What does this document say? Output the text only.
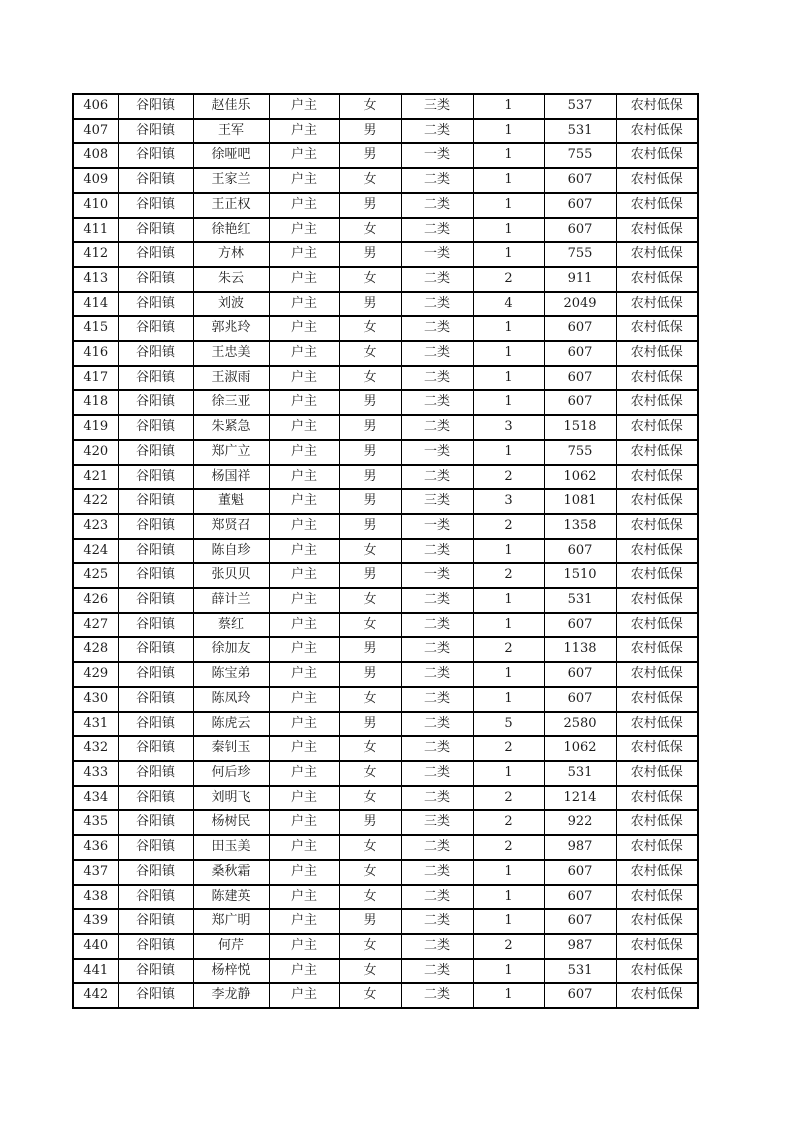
406	谷阳镇	赵佳乐	户主	女	三类	1	537	农村低保
407	谷阳镇	王军	户主	男	二类	1	531	农村低保
408	谷阳镇	徐哑吧	户主	男	一类	1	755	农村低保
409	谷阳镇	王家兰	户主	女	二类	1	607	农村低保
410	谷阳镇	王正权	户主	男	二类	1	607	农村低保
411	谷阳镇	徐艳红	户主	女	二类	1	607	农村低保
412	谷阳镇	方林	户主	男	一类	1	755	农村低保
413	谷阳镇	朱云	户主	女	二类	2	911	农村低保
414	谷阳镇	刘波	户主	男	二类	4	2049	农村低保
415	谷阳镇	郭兆玲	户主	女	二类	1	607	农村低保
416	谷阳镇	王忠美	户主	女	二类	1	607	农村低保
417	谷阳镇	王淑雨	户主	女	二类	1	607	农村低保
418	谷阳镇	徐三亚	户主	男	二类	1	607	农村低保
419	谷阳镇	朱紧急	户主	男	二类	3	1518	农村低保
420	谷阳镇	郑广立	户主	男	一类	1	755	农村低保
421	谷阳镇	杨国祥	户主	男	二类	2	1062	农村低保
422	谷阳镇	董魁	户主	男	三类	3	1081	农村低保
423	谷阳镇	郑贤召	户主	男	一类	2	1358	农村低保
424	谷阳镇	陈自珍	户主	女	二类	1	607	农村低保
425	谷阳镇	张贝贝	户主	男	一类	2	1510	农村低保
426	谷阳镇	薛计兰	户主	女	二类	1	531	农村低保
427	谷阳镇	蔡红	户主	女	二类	1	607	农村低保
428	谷阳镇	徐加友	户主	男	二类	2	1138	农村低保
429	谷阳镇	陈宝弟	户主	男	二类	1	607	农村低保
430	谷阳镇	陈凤玲	户主	女	二类	1	607	农村低保
431	谷阳镇	陈虎云	户主	男	二类	5	2580	农村低保
432	谷阳镇	秦钊玉	户主	女	二类	2	1062	农村低保
433	谷阳镇	何后珍	户主	女	二类	1	531	农村低保
434	谷阳镇	刘明飞	户主	女	二类	2	1214	农村低保
435	谷阳镇	杨树民	户主	男	三类	2	922	农村低保
436	谷阳镇	田玉美	户主	女	二类	2	987	农村低保
437	谷阳镇	桑秋霜	户主	女	二类	1	607	农村低保
438	谷阳镇	陈建英	户主	女	二类	1	607	农村低保
439	谷阳镇	郑广明	户主	男	二类	1	607	农村低保
440	谷阳镇	何芹	户主	女	二类	2	987	农村低保
441	谷阳镇	杨梓悦	户主	女	二类	1	531	农村低保
442	谷阳镇	李龙静	户主	女	二类	1	607	农村低保
